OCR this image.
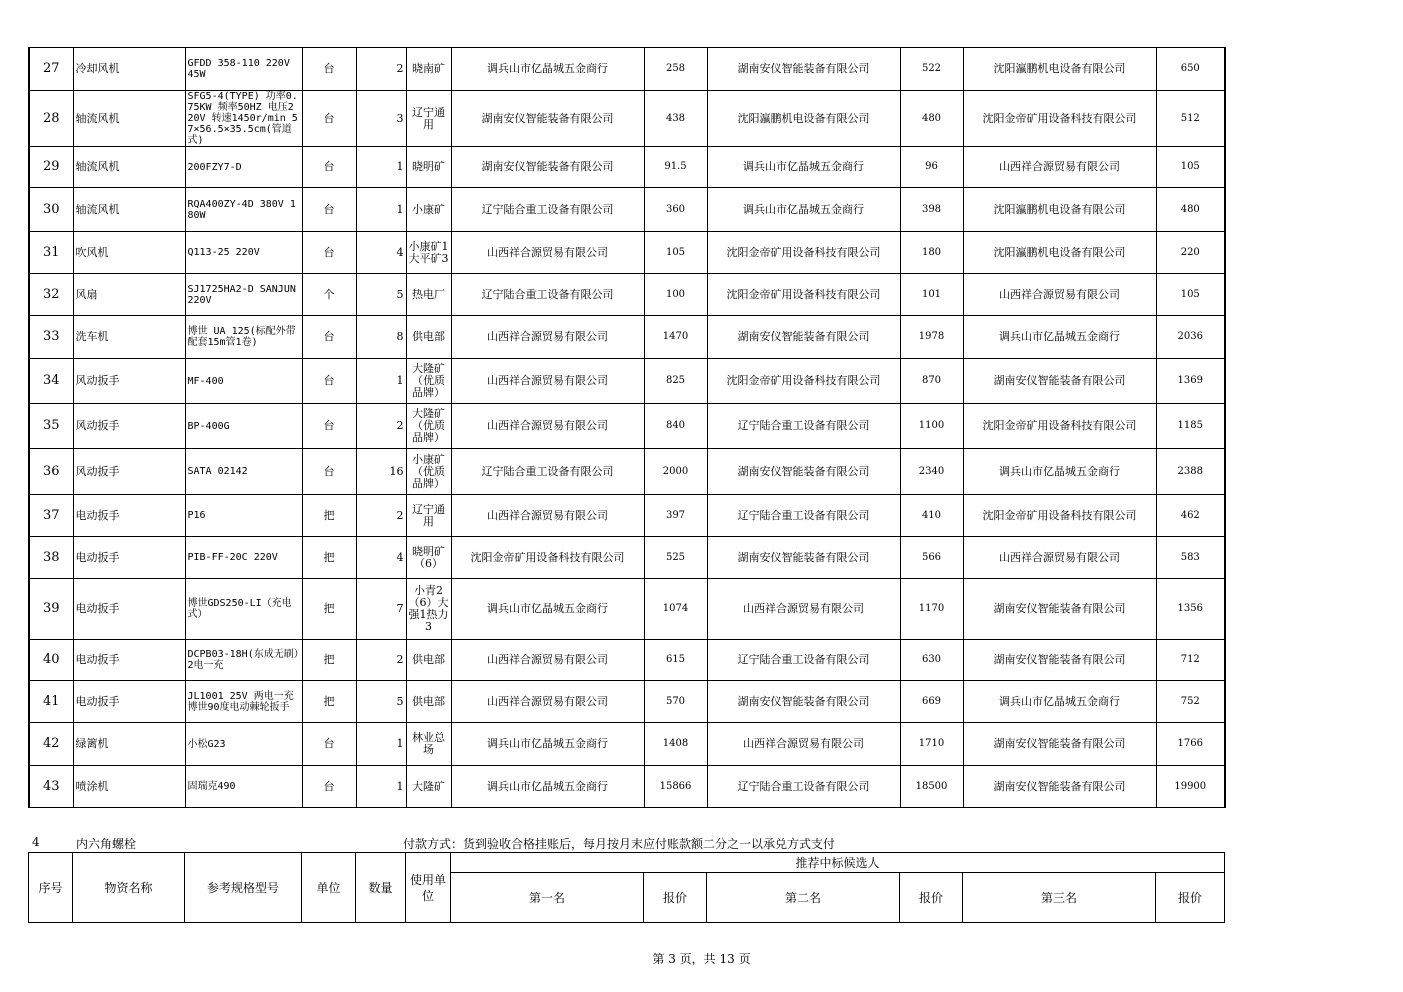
27	冷却风机	GFDD 358-110 220V 45W	台	2	晓南矿	调兵山市亿晶城五金商行	258	湖南安仪智能装备有限公司	522	沈阳瀛鹏机电设备有限公司	650
28	轴流风机	SFG5-4(TYPE) 功率0.75KW 频率50HZ 电压220V 转速1450r/min 57×56.5×35.5cm(管道式)	台	3	辽宁通用	湖南安仪智能装备有限公司	438	沈阳瀛鹏机电设备有限公司	480	沈阳金帝矿用设备科技有限公司	512
29	轴流风机	200FZY7-D	台	1	晓明矿	湖南安仪智能装备有限公司	91.5	调兵山市亿晶城五金商行	96	山西祥合源贸易有限公司	105
30	轴流风机	RQA400ZY-4D 380V 180W	台	1	小康矿	辽宁陆合重工设备有限公司	360	调兵山市亿晶城五金商行	398	沈阳瀛鹏机电设备有限公司	480
31	吹风机	Q113-25 220V	台	4	小康矿1大平矿3	山西祥合源贸易有限公司	105	沈阳金帝矿用设备科技有限公司	180	沈阳瀛鹏机电设备有限公司	220
32	风扇	SJ1725HA2-D SANJUN 220V	个	5	热电厂	辽宁陆合重工设备有限公司	100	沈阳金帝矿用设备科技有限公司	101	山西祥合源贸易有限公司	105
33	洗车机	博世 UA 125(标配外带配套15m管1卷)	台	8	供电部	山西祥合源贸易有限公司	1470	湖南安仪智能装备有限公司	1978	调兵山市亿晶城五金商行	2036
34	风动扳手	MF-400	台	1	大隆矿（优质品牌）	山西祥合源贸易有限公司	825	沈阳金帝矿用设备科技有限公司	870	湖南安仪智能装备有限公司	1369
35	风动扳手	BP-400G	台	2	大隆矿（优质品牌）	山西祥合源贸易有限公司	840	辽宁陆合重工设备有限公司	1100	沈阳金帝矿用设备科技有限公司	1185
36	风动扳手	SATA 02142	台	16	小康矿（优质品牌）	辽宁陆合重工设备有限公司	2000	湖南安仪智能装备有限公司	2340	调兵山市亿晶城五金商行	2388
37	电动扳手	P16	把	2	辽宁通用	山西祥合源贸易有限公司	397	辽宁陆合重工设备有限公司	410	沈阳金帝矿用设备科技有限公司	462
38	电动扳手	PIB-FF-20C 220V	把	4	晓明矿（6）	沈阳金帝矿用设备科技有限公司	525	湖南安仪智能装备有限公司	566	山西祥合源贸易有限公司	583
39	电动扳手	博世GDS250-LI（充电式）	把	7	小青2（6）大强1热力3	调兵山市亿晶城五金商行	1074	山西祥合源贸易有限公司	1170	湖南安仪智能装备有限公司	1356
40	电动扳手	DCPB03-18H(东成无刷）2电一充	把	2	供电部	山西祥合源贸易有限公司	615	辽宁陆合重工设备有限公司	630	湖南安仪智能装备有限公司	712
41	电动扳手	JL1001 25V 两电一充博世90度电动棘轮扳手	把	5	供电部	山西祥合源贸易有限公司	570	湖南安仪智能装备有限公司	669	调兵山市亿晶城五金商行	752
42	绿篱机	小松G23	台	1	林业总场	调兵山市亿晶城五金商行	1408	山西祥合源贸易有限公司	1710	湖南安仪智能装备有限公司	1766
43	喷涂机	固瑞克490	台	1	大隆矿	调兵山市亿晶城五金商行	15866	辽宁陆合重工设备有限公司	18500	湖南安仪智能装备有限公司	19900
4	内六角螺栓	付款方式：货到验收合格挂账后，每月按月末应付账款额二分之一以承兑方式支付
序号	物资名称	参考规格型号	单位	数量	使用单位	推荐中标候选人					
						第一名	报价	第二名	报价	第三名	报价
第 3 页，共 13 页
